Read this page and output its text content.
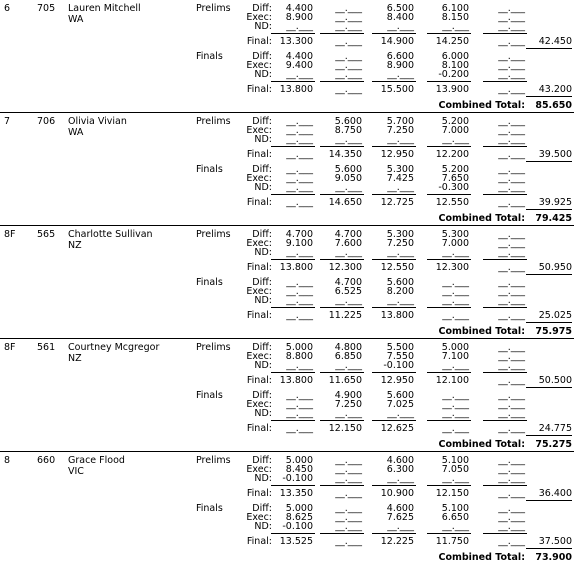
6	705 Lauren Mitchell
WA
Prelims	Diff:	4.400	__.___	6.500	6.100	__.___
Exec:	8.900	__.___	8.400	8.150	__.___
ND:	__.___	__.___	__.___	__.___	__.___
Final: 13.300	__.___	14.900	14.250	__.___	42.450
Finals	Diff:	4.400	__.___	6.600	6.000	__.___
Exec:	9.400	__.___	8.900	8.100	__.___
ND:	__.___	__.___	__.___	-0.200	__.___
Final: 13.800	__.___	15.500	13.900	__.___	43.200
Combined Total:	85.650
7	706 Olivia Vivian
WA
Prelims	Diff:	__.___	5.600	5.700	5.200	__.___
Exec:	__.___	8.750	7.250	7.000	__.___
ND:	__.___	__.___	__.___	__.___	__.___
Final:	__.___	14.350	12.950	12.200	__.___	39.500
Finals	Diff:	__.___	5.600	5.300	5.200	__.___
Exec:	__.___	9.050	7.425	7.650	__.___
ND:	__.___	__.___	__.___	-0.300	__.___
Final:	__.___	14.650	12.725	12.550	__.___	39.925
Combined Total:	79.425
8F 565 Charlotte Sullivan
NZ
Prelims	Diff:	4.700	4.700	5.300	5.300	__.___
Exec:	9.100	7.600	7.250	7.000	__.___
ND:	__.___	__.___	__.___	__.___	__.___
Final: 13.800	12.300	12.550	12.300	__.___	50.950
Finals	Diff:	__.___	4.700	5.600	__.___	__.___
Exec:	__.___	6.525	8.200	__.___	__.___
ND:	__.___	__.___	__.___	__.___	__.___
Final:	__.___	11.225	13.800	__.___	__.___	25.025
Combined Total:	75.975
8F 561 Courtney Mcgregor
NZ
Prelims	Diff:	5.000	4.800	5.500	5.000	__.___
Exec:	8.800	6.850	7.550	7.100	__.___
ND:	__.___	__.___	-0.100	__.___	__.___
Final: 13.800	11.650	12.950	12.100	__.___	50.500
Finals	Diff:	__.___	4.900	5.600	__.___	__.___
Exec:	__.___	7.250	7.025	__.___	__.___
ND:	__.___	__.___	__.___	__.___	__.___
Final:	__.___	12.150	12.625	__.___	__.___	24.775
Combined Total:	75.275
8	660 Grace Flood
VIC
Prelims	Diff:	5.000	__.___	4.600	5.100	__.___
Exec:	8.450	__.___	6.300	7.050	__.___
ND:	-0.100	__.___	__.___	__.___	__.___
Final: 13.350	__.___	10.900	12.150	__.___	36.400
Finals	Diff:	5.000	__.___	4.600	5.100	__.___
Exec:	8.625	__.___	7.625	6.650	__.___
ND:	-0.100	__.___	__.___	__.___	__.___
Final: 13.525	__.___	12.225	11.750	__.___	37.500
Combined Total:	73.900
